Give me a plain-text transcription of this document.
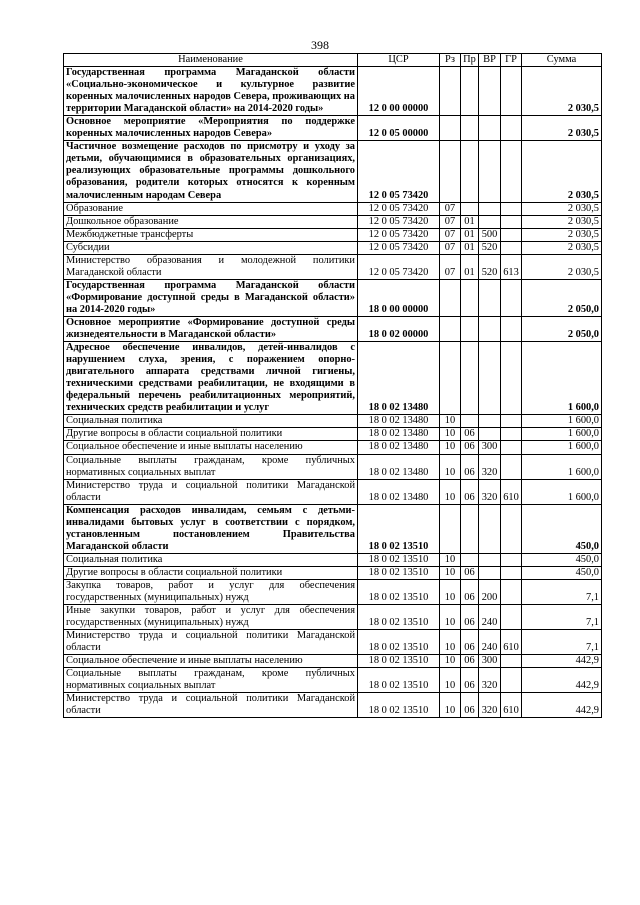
398
Наименование	ЦСР	Рз	Пр	ВР	ГР	Сумма
Государственная программа Магаданской области «Социально-экономическое и культурное развитие коренных малочисленных народов Севера, проживающих на территории Магаданской области» на 2014-2020 годы»	12 0 00 00000					2 030,5
Основное мероприятие «Мероприятия по поддержке коренных малочисленных народов Севера»	12 0 05 00000					2 030,5
Частичное возмещение расходов по присмотру и уходу за детьми, обучающимися в образовательных организациях, реализующих образовательные программы дошкольного образования, родители которых относятся к коренным малочисленным народам Севера	12 0 05 73420					2 030,5
Образование	12 0 05 73420	07				2 030,5
Дошкольное образование	12 0 05 73420	07	01			2 030,5
Межбюджетные трансферты	12 0 05 73420	07	01	500		2 030,5
Субсидии	12 0 05 73420	07	01	520		2 030,5
Министерство образования и молодежной политики Магаданской области	12 0 05 73420	07	01	520	613	2 030,5
Государственная программа Магаданской области «Формирование доступной среды в Магаданской области» на 2014-2020 годы»	18 0 00 00000					2 050,0
Основное мероприятие «Формирование доступной среды жизнедеятельности в Магаданской области»	18 0 02 00000					2 050,0
Адресное обеспечение инвалидов, детей-инвалидов с нарушением слуха, зрения, с поражением опорно-двигательного аппарата средствами личной гигиены, техническими средствами реабилитации, не входящими в федеральный перечень реабилитационных мероприятий, технических средств реабилитации и услуг	18 0 02 13480					1 600,0
Социальная политика	18 0 02 13480	10				1 600,0
Другие вопросы в области социальной политики	18 0 02 13480	10	06			1 600,0
Социальное обеспечение и иные выплаты населению	18 0 02 13480	10	06	300		1 600,0
Социальные выплаты гражданам, кроме публичных нормативных социальных выплат	18 0 02 13480	10	06	320		1 600,0
Министерство труда и социальной политики Магаданской области	18 0 02 13480	10	06	320	610	1 600,0
Компенсация расходов инвалидам, семьям с детьми-инвалидами бытовых услуг в соответствии с порядком, установленным постановлением Правительства Магаданской области	18 0 02 13510					450,0
Социальная политика	18 0 02 13510	10				450,0
Другие вопросы в области социальной политики	18 0 02 13510	10	06			450,0
Закупка товаров, работ и услуг для обеспечения государственных (муниципальных) нужд	18 0 02 13510	10	06	200		7,1
Иные закупки товаров, работ и услуг для обеспечения государственных (муниципальных) нужд	18 0 02 13510	10	06	240		7,1
Министерство труда и социальной политики Магаданской области	18 0 02 13510	10	06	240	610	7,1
Социальное обеспечение и иные выплаты населению	18 0 02 13510	10	06	300		442,9
Социальные выплаты гражданам, кроме публичных нормативных социальных выплат	18 0 02 13510	10	06	320		442,9
Министерство труда и социальной политики Магаданской области	18 0 02 13510	10	06	320	610	442,9
